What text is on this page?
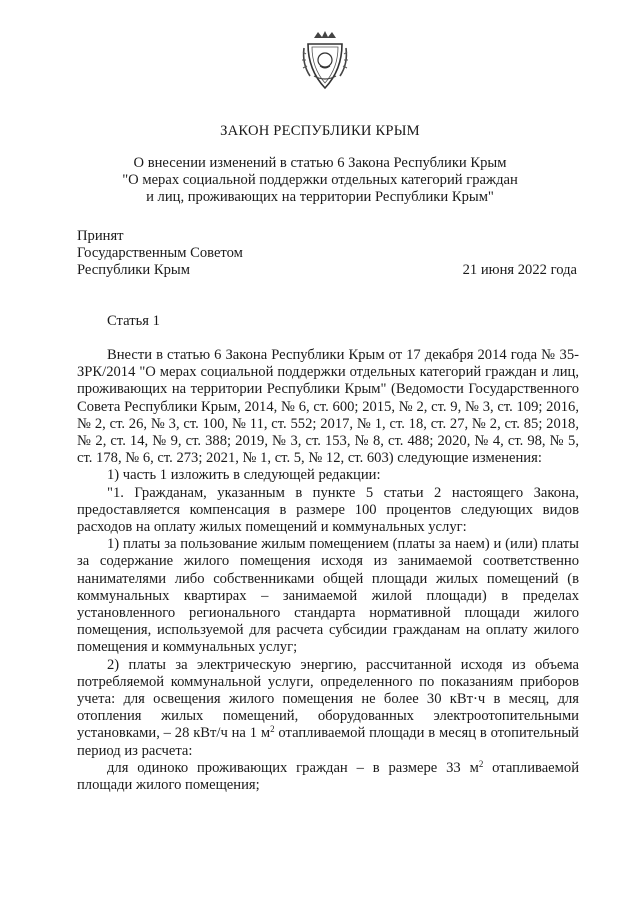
ЗАКОН РЕСПУБЛИКИ КРЫМ
О внесении изменений в статью 6 Закона Республики Крым
"О мерах социальной поддержки отдельных категорий граждан
и лиц, проживающих на территории Республики Крым"
Принят
Государственным Советом
Республики Крым	21 июня 2022 года
Статья 1

Внести в статью 6 Закона Республики Крым от 17 декабря 2014 года № 35-ЗРК/2014 "О мерах социальной поддержки отдельных категорий граждан и лиц, проживающих на территории Республики Крым" (Ведомости Государственного Совета Республики Крым, 2014, № 6, ст. 600; 2015, № 2, ст. 9, № 3, ст. 109; 2016, № 2, ст. 26, № 3, ст. 100, № 11, ст. 552; 2017, № 1, ст. 18, ст. 27, № 2, ст. 85; 2018, № 2, ст. 14, № 9, ст. 388; 2019, № 3, ст. 153, № 8, ст. 488; 2020, № 4, ст. 98, № 5, ст. 178, № 6, ст. 273; 2021, № 1, ст. 5, № 12, ст. 603) следующие изменения:

1) часть 1 изложить в следующей редакции:

"1. Гражданам, указанным в пункте 5 статьи 2 настоящего Закона, предоставляется компенсация в размере 100 процентов следующих видов расходов на оплату жилых помещений и коммунальных услуг:

1) платы за пользование жилым помещением (платы за наем) и (или) платы за содержание жилого помещения исходя из занимаемой соответственно нанимателями либо собственниками общей площади жилых помещений (в коммунальных квартирах – занимаемой жилой площади) в пределах установленного регионального стандарта нормативной площади жилого помещения, используемой для расчета субсидии гражданам на оплату жилого помещения и коммунальных услуг;

2) платы за электрическую энергию, рассчитанной исходя из объема потребляемой коммунальной услуги, определенного по показаниям приборов учета: для освещения жилого помещения не более 30 кВт·ч в месяц, для отопления жилых помещений, оборудованных электроотопительными установками, – 28 кВт/ч на 1 $м^2$ отапливаемой площади в месяц в отопительный период из расчета:

для одиноко проживающих граждан – в размере 33 $м^2$ отапливаемой площади жилого помещения;
